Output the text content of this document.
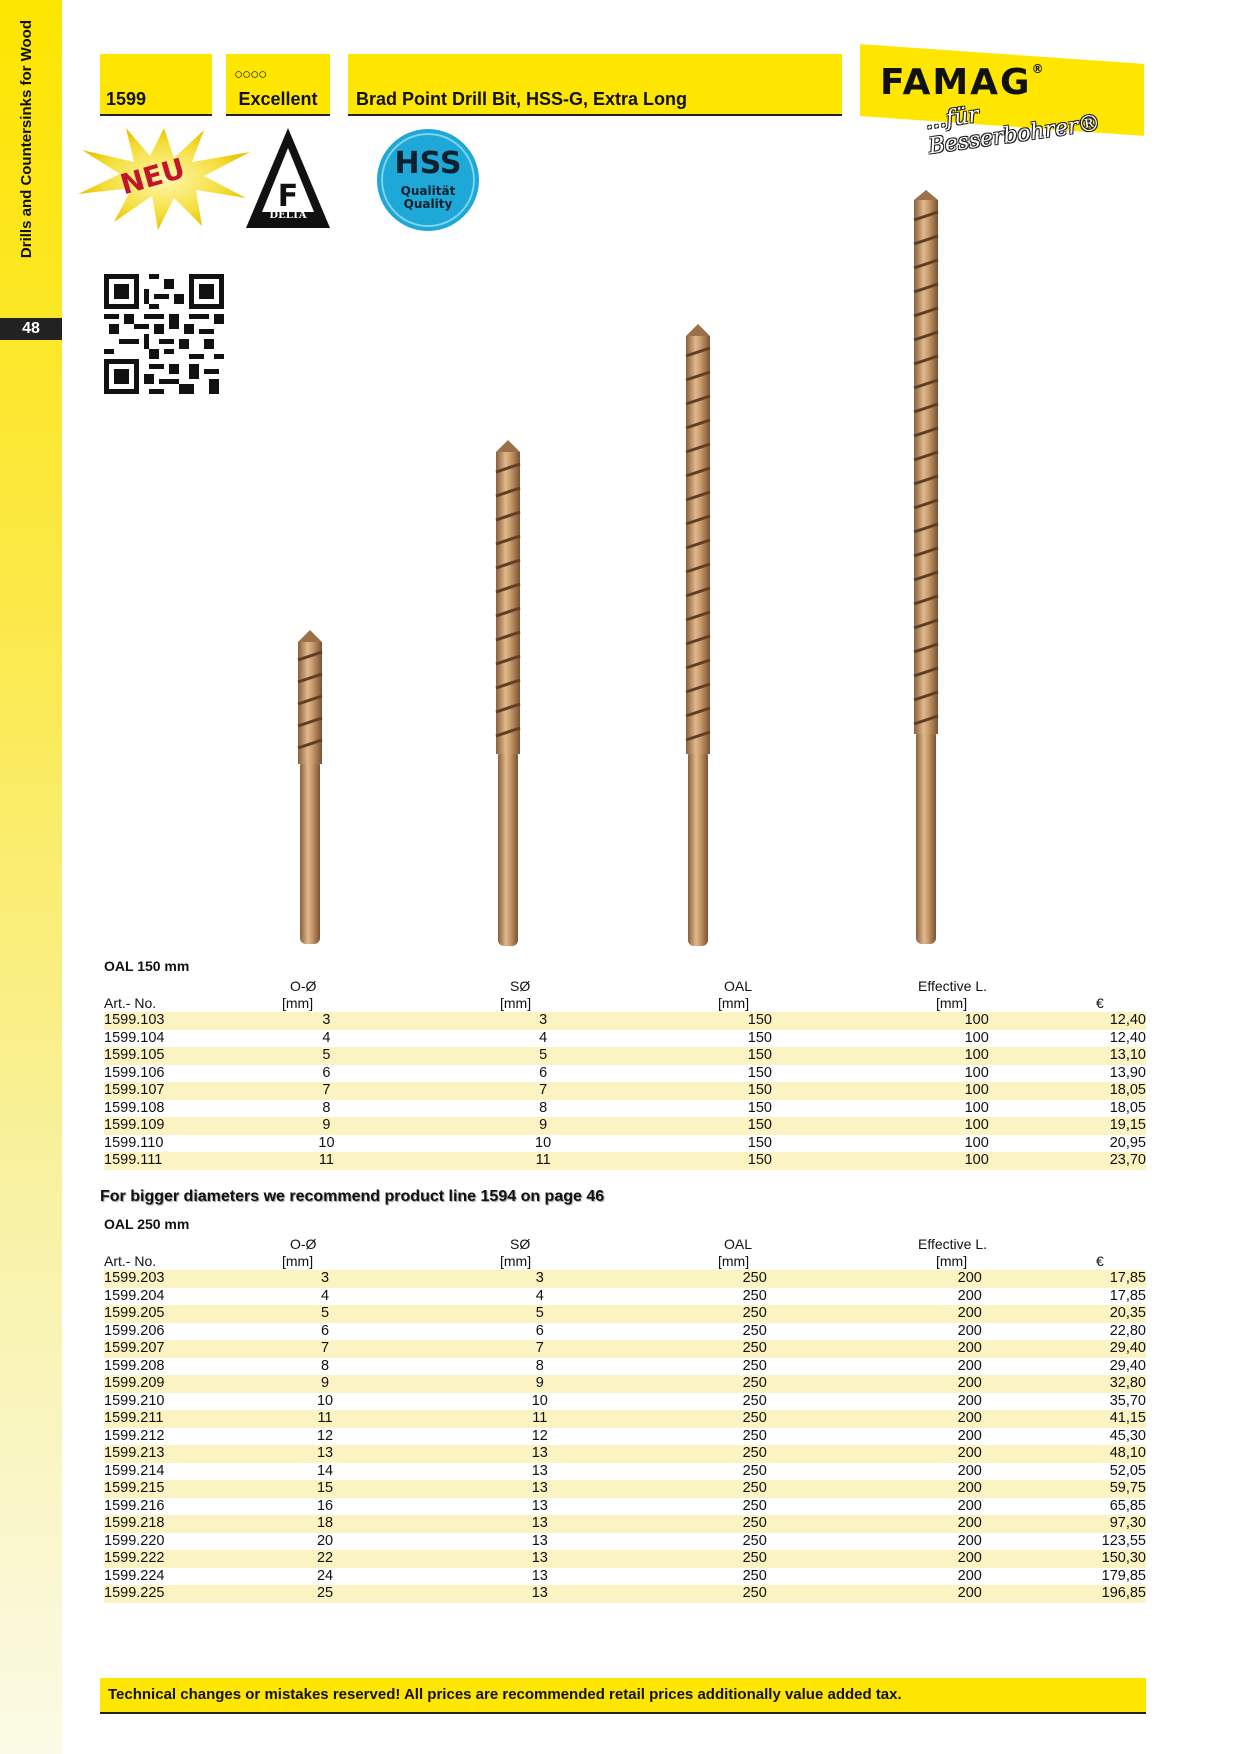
Drills and Countersinks for Wood
48
1599
○○○○
Excellent	Brad Point Drill Bit, HSS-G, Extra Long	FAMAG®
...für Besserbohrer®
NEU	F
DELTA
HSS
Qualität
Quality
OAL 150 mm
O-Ø	SØ	OAL	Effective L.
Art.- No.	[mm]	[mm]	[mm]	[mm]	€
1599.103	3	3	150	100	12,40
1599.104	4	4	150	100	12,40
1599.105	5	5	150	100	13,10
1599.106	6	6	150	100	13,90
1599.107	7	7	150	100	18,05
1599.108	8	8	150	100	18,05
1599.109	9	9	150	100	19,15
1599.110	10	10	150	100	20,95
1599.111	11	11	150	100	23,70
For bigger diameters we recommend product line 1594 on page 46
OAL 250 mm
O-Ø	SØ	OAL	Effective L.
Art.- No.	[mm]	[mm]	[mm]	[mm]	€
1599.203	3	3	250	200	17,85
1599.204	4	4	250	200	17,85
1599.205	5	5	250	200	20,35
1599.206	6	6	250	200	22,80
1599.207	7	7	250	200	29,40
1599.208	8	8	250	200	29,40
1599.209	9	9	250	200	32,80
1599.210	10	10	250	200	35,70
1599.211	11	11	250	200	41,15
1599.212	12	12	250	200	45,30
1599.213	13	13	250	200	48,10
1599.214	14	13	250	200	52,05
1599.215	15	13	250	200	59,75
1599.216	16	13	250	200	65,85
1599.218	18	13	250	200	97,30
1599.220	20	13	250	200	123,55
1599.222	22	13	250	200	150,30
1599.224	24	13	250	200	179,85
1599.225	25	13	250	200	196,85
Technical changes or mistakes reserved! All prices are recommended retail prices additionally value added tax.
